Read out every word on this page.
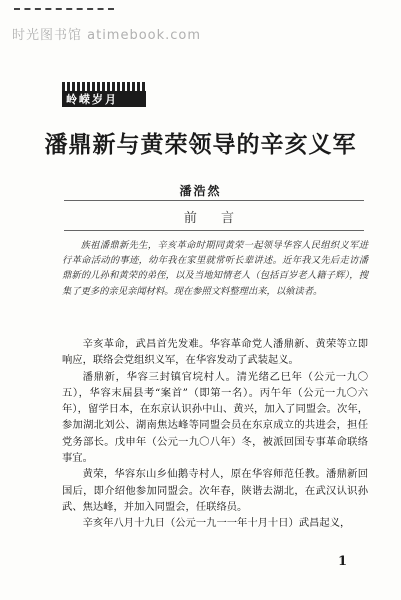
时光图书馆 atimebook.com
岭嵘岁月
潘鼎新与黄荣领导的辛亥义军
潘浩然
前 言

族祖潘鼎新先生，辛亥革命时期同黄荣一起领导华容人民组织义军进行革命活动的事迹，幼年我在家里就常听长辈讲述。近年我又先后走访潘鼎新的儿孙和黄荣的弟侄，以及当地知情老人（包括百岁老人籍子辉），搜集了更多的亲见亲闻材料。现在参照文料整理出来，以飨读者。

辛亥革命，武昌首先发难。华容革命党人潘鼎新、黄荣等立即响应，联络会党组织义军，在华容发动了武装起义。

潘鼎新，华容三封镇官垸村人。清光绪乙巳年（公元一九〇五），华容末届县考“案首”（即第一名）。丙午年（公元一九〇六年），留学日本，在东京认识孙中山、黄兴，加入了同盟会。次年，参加湖北刘公、湖南焦达峰等同盟会员在东京成立的共进会，担任党务部长。戊申年（公元一九〇八年）冬，被派回国专事革命联络事宜。

黄荣，华容东山乡仙鹅寺村人，原在华容师范任教。潘鼎新回国后，即介绍他参加同盟会。次年春，陕谐去湖北，在武汉认识孙武、焦达峰，并加入同盟会，任联络员。

辛亥年八月十九日（公元一九一一年十月十日）武昌起义，

1
